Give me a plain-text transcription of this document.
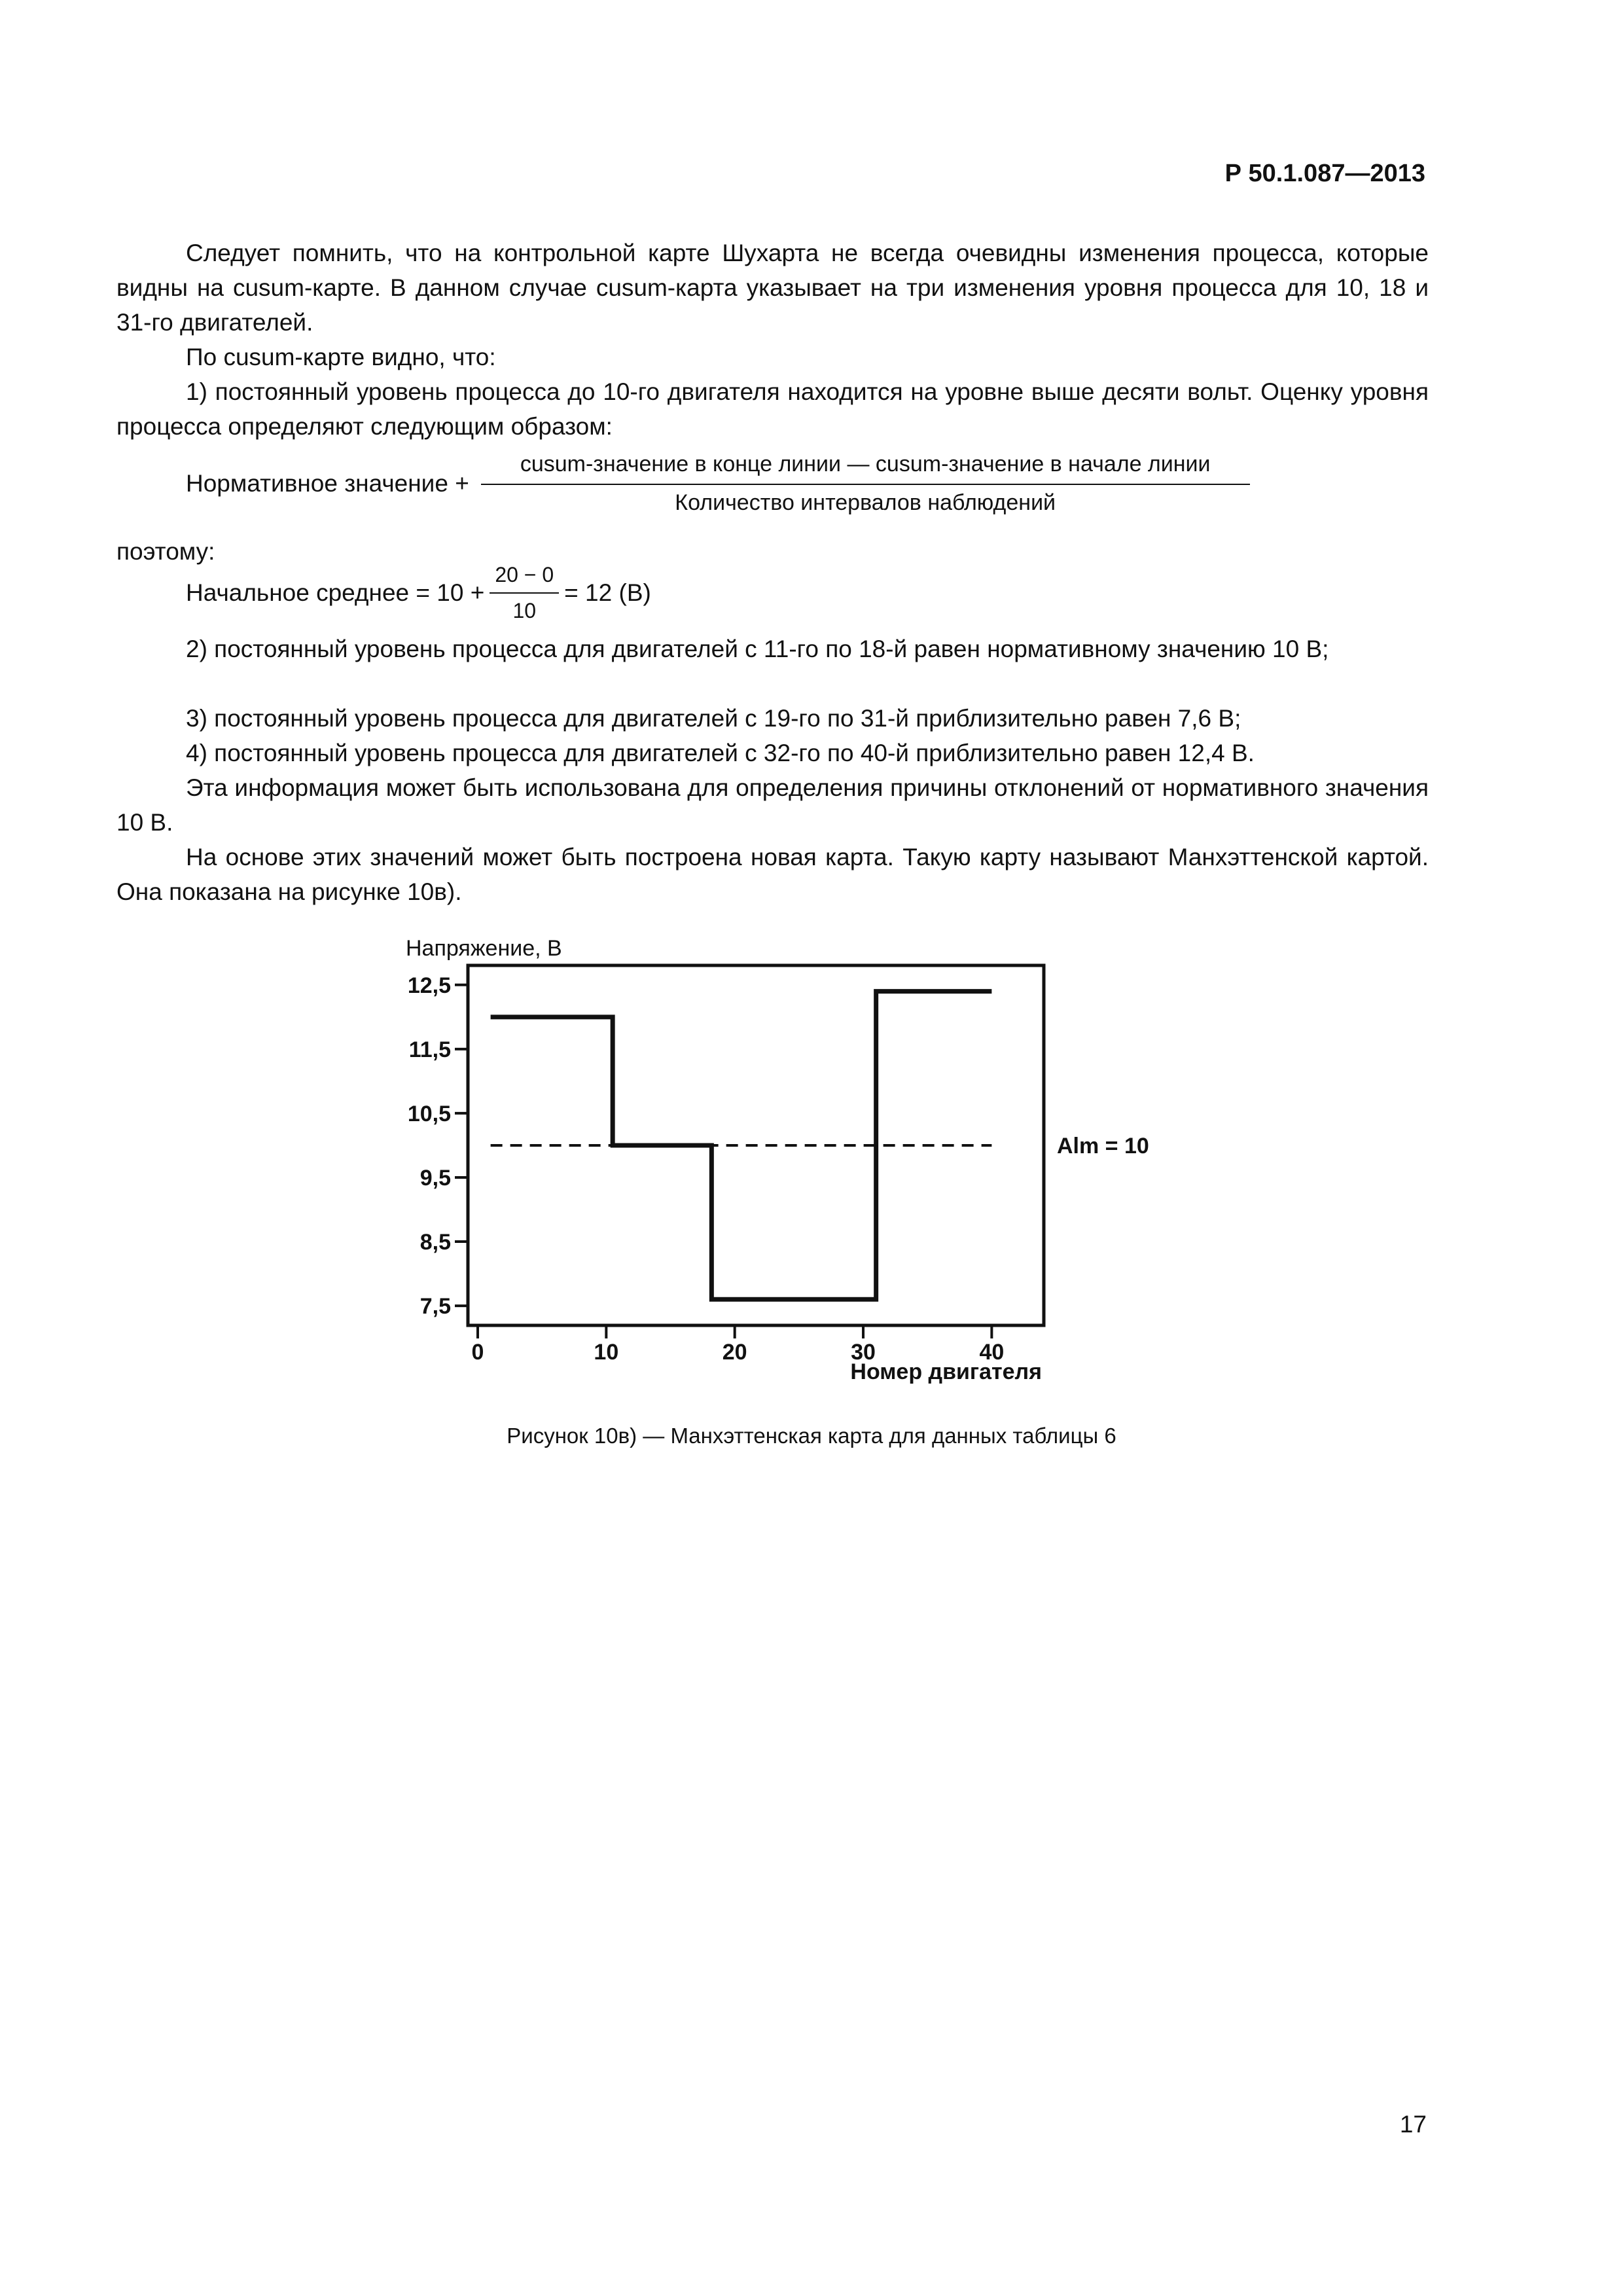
Р 50.1.087—2013

Следует помнить, что на контрольной карте Шухарта не всегда очевидны изменения процесса, которые видны на cusum-карте. В данном случае cusum-карта указывает на три изменения уровня процесса для 10, 18 и 31-го двигателей.

По cusum-карте видно, что:

1) постоянный уровень процесса до 10-го двигателя находится на уровне выше десяти вольт. Оценку уровня процесса определяют следующим образом:

Нормативное значение + $\frac{\text{cusum-значение в конце линии — cusum-значение в начале линии}}{\text{Количество интервалов наблюдений}}$

поэтому:

Начальное среднее = $10 + \frac{20 - 0}{10} = 12$ (В)

2) постоянный уровень процесса для двигателей с 11-го по 18-й равен нормативному значению 10 В;

3) постоянный уровень процесса для двигателей с 19-го по 31-й приблизительно равен 7,6 В;

4) постоянный уровень процесса для двигателей с 32-го по 40-й приблизительно равен 12,4 В.

Эта информация может быть использована для определения причины отклонений от нормативного значения 10 В.

На основе этих значений может быть построена новая карта. Такую карту называют Манхэттенской картой. Она показана на рисунке 10в).

Напряжение, В
Номер двигателя
7,5
8,5
9,5
10,5
11,5
12,5
0	10	20	30	40
Alm = 10
Рисунок 10в) — Манхэттенская карта для данных таблицы 6
17
